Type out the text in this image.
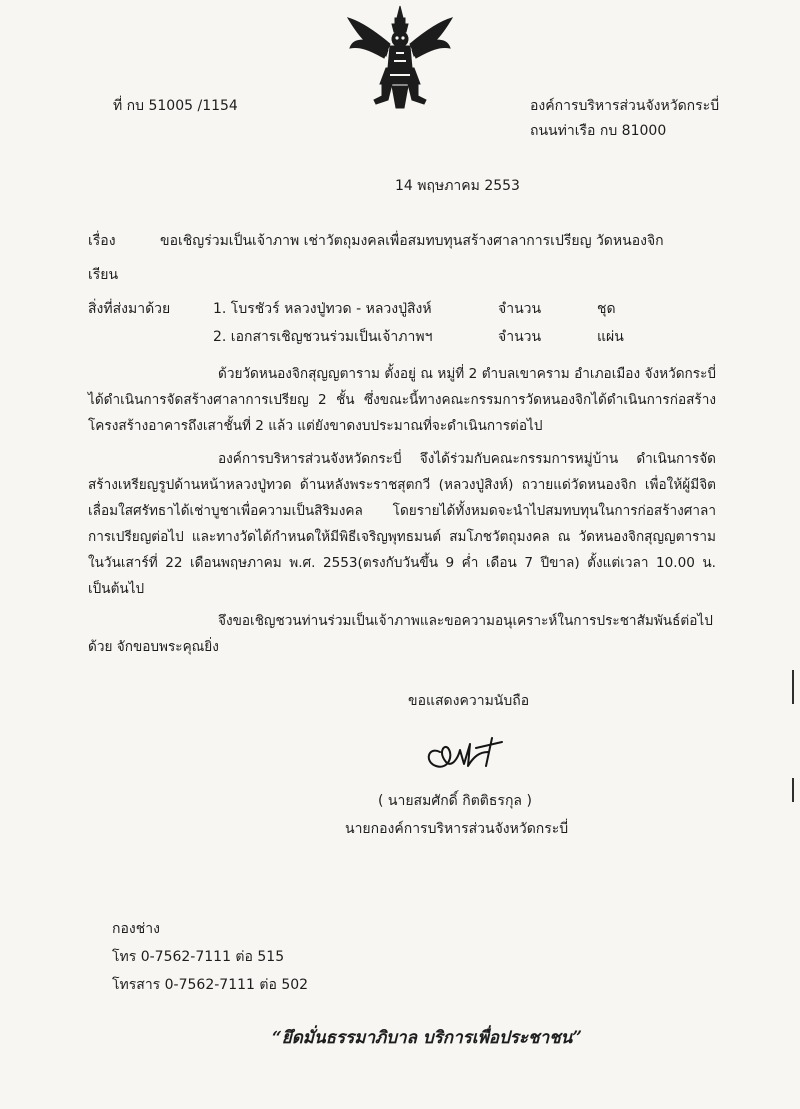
ที่ กบ 51005 /1154	องค์การบริหารส่วนจังหวัดกระบี่
ถนนท่าเรือ กบ 81000
14 พฤษภาคม 2553
เรื่อง	ขอเชิญร่วมเป็นเจ้าภาพ เช่าวัตถุมงคลเพื่อสมทบทุนสร้างศาลาการเปรียญ วัดหนองจิก
เรียน
สิ่งที่ส่งมาด้วย	1. โบรชัวร์ หลวงปู่ทวด - หลวงปู่สิงห์	จำนวน	ชุด
2. เอกสารเชิญชวนร่วมเป็นเจ้าภาพฯ	จำนวน	แผ่น
ด้วยวัดหนองจิกสุญญตาราม ตั้งอยู่ ณ หมู่ที่ 2 ตำบลเขาคราม อำเภอเมือง จังหวัดกระบี่ ได้ดำเนินการจัดสร้างศาลาการเปรียญ 2 ชั้น ซึ่งขณะนี้ทางคณะกรรมการวัดหนองจิกได้ดำเนินการก่อสร้างโครงสร้างอาคารถึงเสาชั้นที่ 2 แล้ว แต่ยังขาดงบประมาณที่จะดำเนินการต่อไป
องค์การบริหารส่วนจังหวัดกระบี่ จึงได้ร่วมกับคณะกรรมการหมู่บ้าน ดำเนินการจัดสร้างเหรียญรูปด้านหน้าหลวงปู่ทวด ด้านหลังพระราชสุตกวี (หลวงปู่สิงห์) ถวายแด่วัดหนองจิก เพื่อให้ผู้มีจิตเลื่อมใสศรัทธาได้เช่าบูชาเพื่อความเป็นสิริมงคล โดยรายได้ทั้งหมดจะนำไปสมทบทุนในการก่อสร้างศาลาการเปรียญต่อไป และทางวัดได้กำหนดให้มีพิธีเจริญพุทธมนต์ สมโภชวัตถุมงคล ณ วัดหนองจิกสุญญตาราม ในวันเสาร์ที่ 22 เดือนพฤษภาคม พ.ศ. 2553(ตรงกับวันขึ้น 9 ค่ำ เดือน 7 ปีขาล) ตั้งแต่เวลา 10.00 น. เป็นต้นไป
จึงขอเชิญชวนท่านร่วมเป็นเจ้าภาพและขอความอนุเคราะห์ในการประชาสัมพันธ์ต่อไปด้วย จักขอบพระคุณยิ่ง
ขอแสดงความนับถือ
( นายสมศักดิ์ กิตติธรกุล )
นายกองค์การบริหารส่วนจังหวัดกระบี่
กองช่าง
โทร 0-7562-7111 ต่อ 515
โทรสาร 0-7562-7111 ต่อ 502
“ยึดมั่นธรรมาภิบาล บริการเพื่อประชาชน”
